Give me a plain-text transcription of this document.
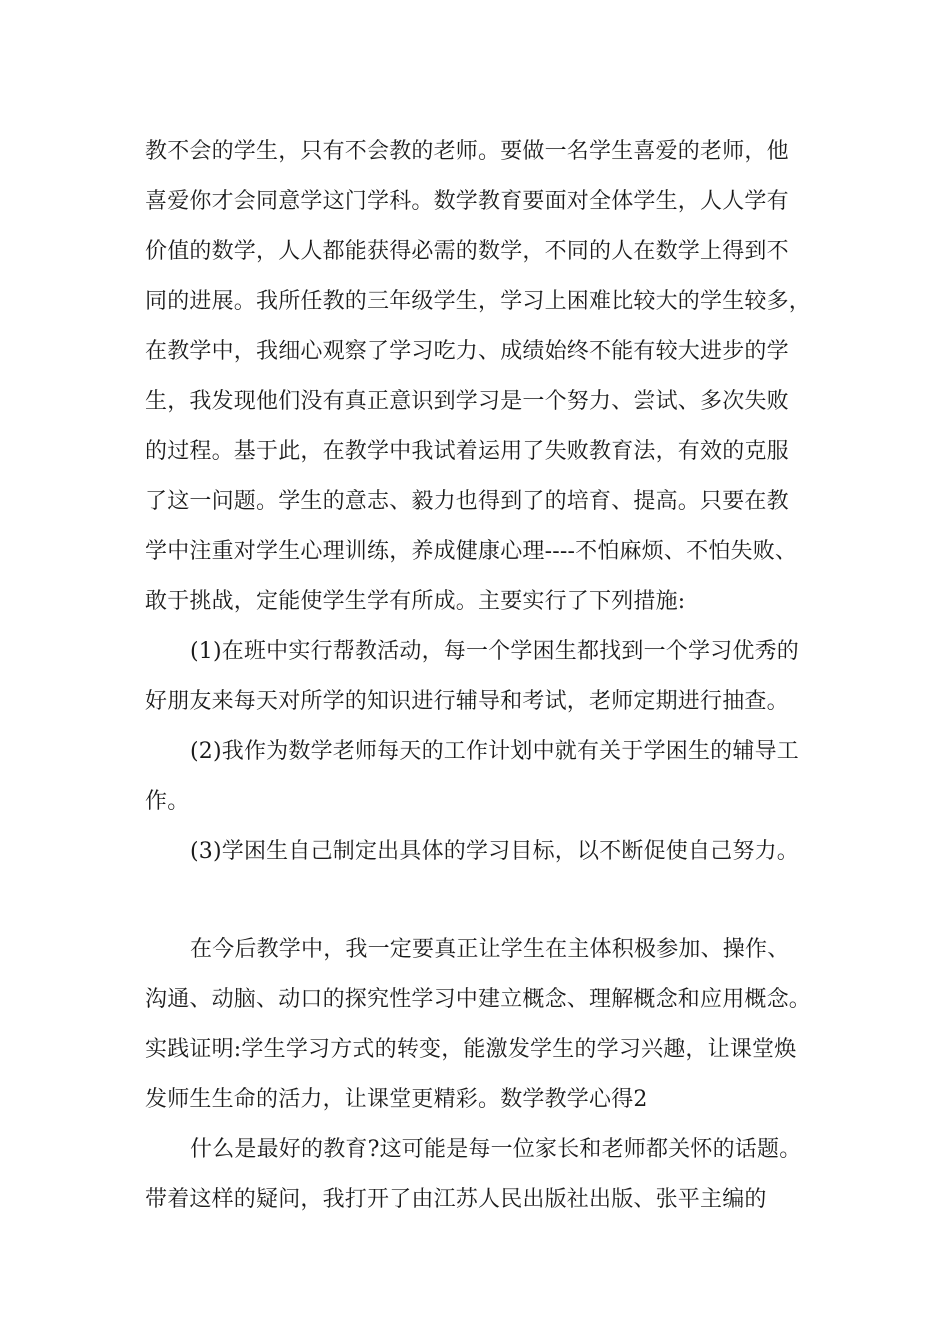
教不会的学生，只有不会教的老师。要做一名学生喜爱的老师，他
喜爱你才会同意学这门学科。数学教育要面对全体学生，人人学有
价值的数学，人人都能获得必需的数学，不同的人在数学上得到不
同的进展。我所任教的三年级学生，学习上困难比较大的学生较多，
在教学中，我细心观察了学习吃力、成绩始终不能有较大进步的学
生，我发现他们没有真正意识到学习是一个努力、尝试、多次失败
的过程。基于此，在教学中我试着运用了失败教育法，有效的克服
了这一问题。学生的意志、毅力也得到了的培育、提高。只要在教
学中注重对学生心理训练，养成健康心理----不怕麻烦、不怕失败、
敢于挑战，定能使学生学有所成。主要实行了下列措施:
(1)在班中实行帮教活动，每一个学困生都找到一个学习优秀的
好朋友来每天对所学的知识进行辅导和考试，老师定期进行抽查。
(2)我作为数学老师每天的工作计划中就有关于学困生的辅导工
作。
(3)学困生自己制定出具体的学习目标，以不断促使自己努力。
在今后教学中，我一定要真正让学生在主体积极参加、操作、
沟通、动脑、动口的探究性学习中建立概念、理解概念和应用概念。
实践证明:学生学习方式的转变，能激发学生的学习兴趣，让课堂焕
发师生生命的活力，让课堂更精彩。数学教学心得2
什么是最好的教育?这可能是每一位家长和老师都关怀的话题。
带着这样的疑问，我打开了由江苏人民出版社出版、张平主编的
